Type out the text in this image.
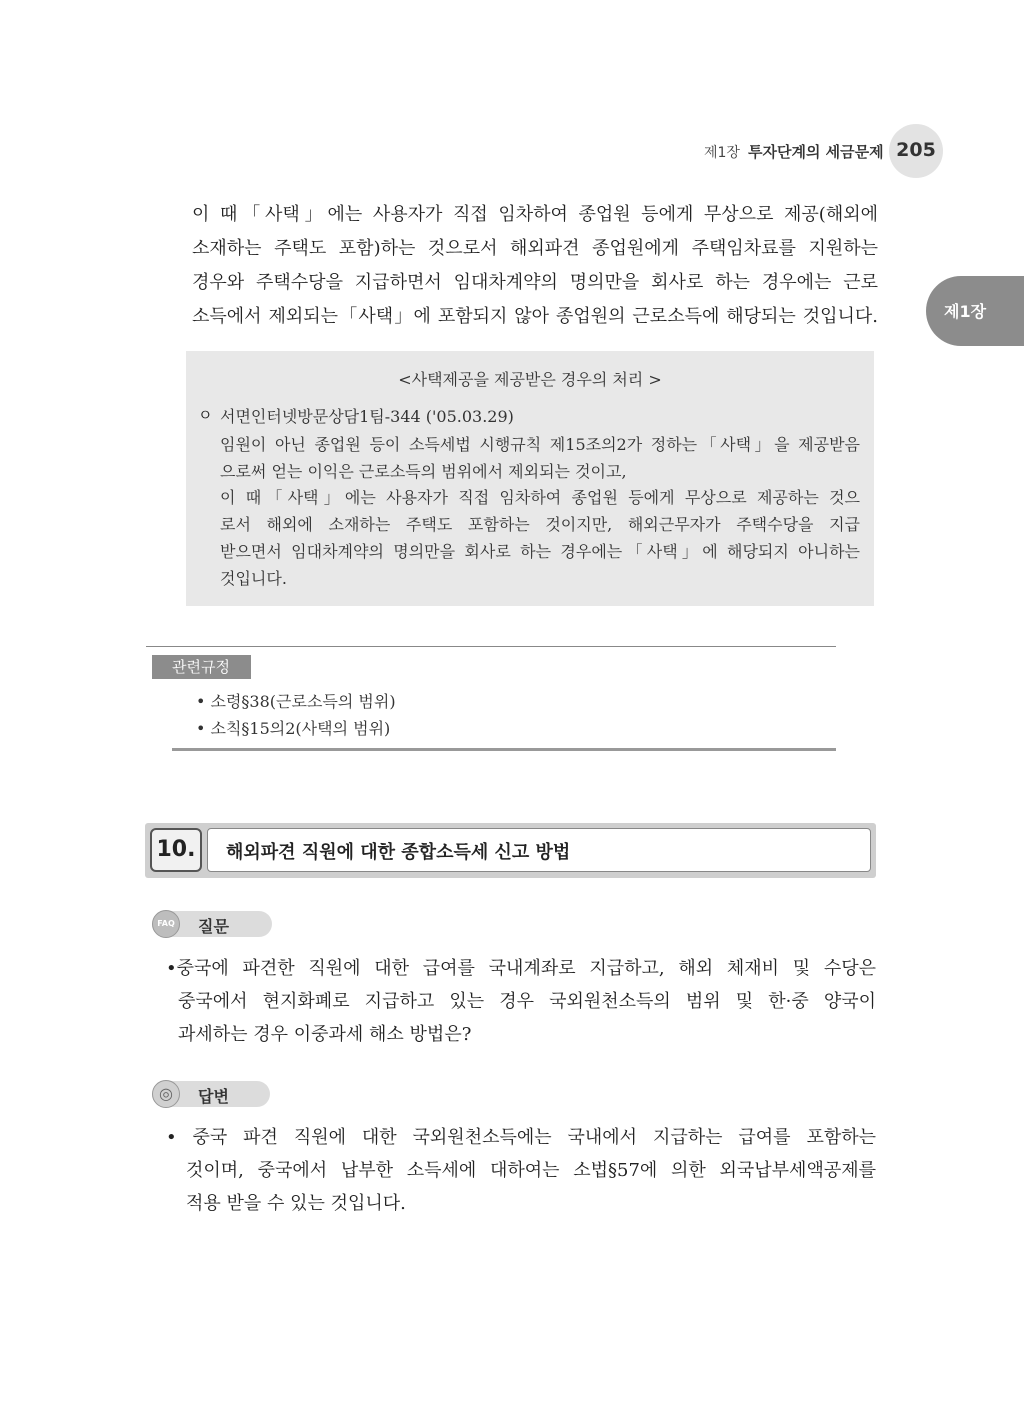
제1장 투자단계의 세금문제 205
제1장
이 때「사택」에는 사용자가 직접 임차하여 종업원 등에게 무상으로 제공(해외에
소재하는 주택도 포함)하는 것으로서 해외파견 종업원에게 주택임차료를 지원하는
경우와 주택수당을 지급하면서 임대차계약의 명의만을 회사로 하는 경우에는 근로
소득에서 제외되는「사택」에 포함되지 않아 종업원의 근로소득에 해당되는 것입니다.
<사택제공을 제공받은 경우의 처리 >
ㅇ 서면인터넷방문상담1팀-344 ('05.03.29)
임원이 아닌 종업원 등이 소득세법 시행규칙 제15조의2가 정하는「사택」을 제공받음
으로써 얻는 이익은 근로소득의 범위에서 제외되는 것이고,
이 때「사택」에는 사용자가 직접 임차하여 종업원 등에게 무상으로 제공하는 것으
로서 해외에 소재하는 주택도 포함하는 것이지만, 해외근무자가 주택수당을 지급
받으면서 임대차계약의 명의만을 회사로 하는 경우에는「사택」에 해당되지 아니하는
것입니다.
관련규정
• 소령§38(근로소득의 범위)
• 소칙§15의2(사택의 범위)
10.	해외파견 직원에 대한 종합소득세 신고 방법
FAQ	질문
•중국에 파견한 직원에 대한 급여를 국내계좌로 지급하고, 해외 체재비 및 수당은
중국에서 현지화폐로 지급하고 있는 경우 국외원천소득의 범위 및 한·중 양국이
과세하는 경우 이중과세 해소 방법은?
◎	답변
• 중국 파견 직원에 대한 국외원천소득에는 국내에서 지급하는 급여를 포함하는
것이며, 중국에서 납부한 소득세에 대하여는 소법§57에 의한 외국납부세액공제를
적용 받을 수 있는 것입니다.
